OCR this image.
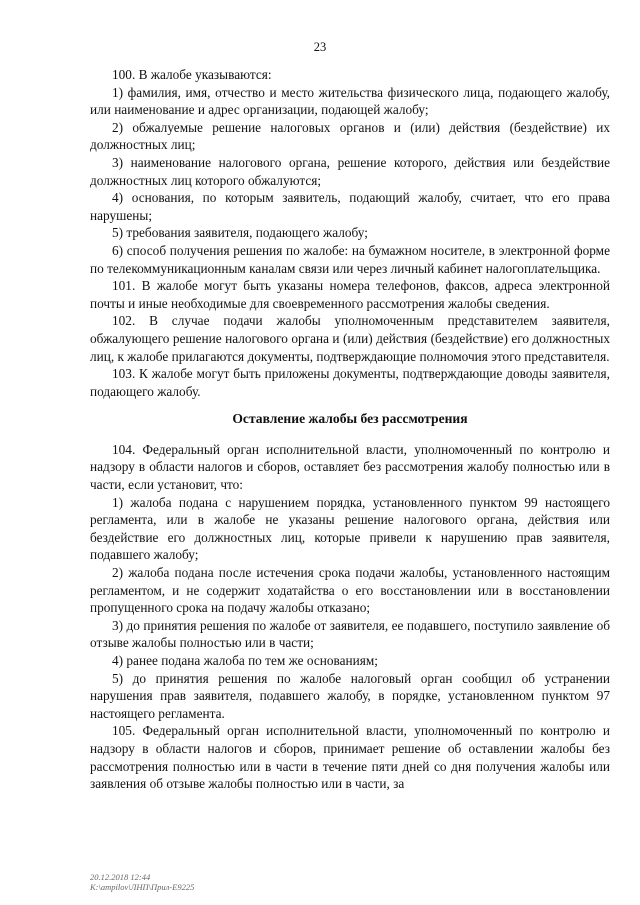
23

100. В жалобе указываются:

1) фамилия, имя, отчество и место жительства физического лица, подающего жалобу, или наименование и адрес организации, подающей жалобу;

2) обжалуемые решение налоговых органов и (или) действия (бездействие) их должностных лиц;

3) наименование налогового органа, решение которого, действия или бездействие должностных лиц которого обжалуются;

4) основания, по которым заявитель, подающий жалобу, считает, что его права нарушены;

5) требования заявителя, подающего жалобу;

6) способ получения решения по жалобе: на бумажном носителе, в электронной форме по телекоммуникационным каналам связи или через личный кабинет налогоплательщика.

101. В жалобе могут быть указаны номера телефонов, факсов, адреса электронной почты и иные необходимые для своевременного рассмотрения жалобы сведения.

102. В случае подачи жалобы уполномоченным представителем заявителя, обжалующего решение налогового органа и (или) действия (бездействие) его должностных лиц, к жалобе прилагаются документы, подтверждающие полномочия этого представителя.

103. К жалобе могут быть приложены документы, подтверждающие доводы заявителя, подающего жалобу.

Оставление жалобы без рассмотрения

104. Федеральный орган исполнительной власти, уполномоченный по контролю и надзору в области налогов и сборов, оставляет без рассмотрения жалобу полностью или в части, если установит, что:

1) жалоба подана с нарушением порядка, установленного пунктом 99 настоящего регламента, или в жалобе не указаны решение налогового органа, действия или бездействие его должностных лиц, которые привели к нарушению прав заявителя, подавшего жалобу;

2) жалоба подана после истечения срока подачи жалобы, установленного настоящим регламентом, и не содержит ходатайства о его восстановлении или в восстановлении пропущенного срока на подачу жалобы отказано;

3) до принятия решения по жалобе от заявителя, ее подавшего, поступило заявление об отзыве жалобы полностью или в части;

4) ранее подана жалоба по тем же основаниям;

5) до принятия решения по жалобе налоговый орган сообщил об устранении нарушения прав заявителя, подавшего жалобу, в порядке, установленном пунктом 97 настоящего регламента.

105. Федеральный орган исполнительной власти, уполномоченный по контролю и надзору в области налогов и сборов, принимает решение об оставлении жалобы без рассмотрения полностью или в части в течение пяти дней со дня получения жалобы или заявления об отзыве жалобы полностью или в части, за

20.12.2018 12:44
K:\ampilov\ЛНП\Прил-Е9225
